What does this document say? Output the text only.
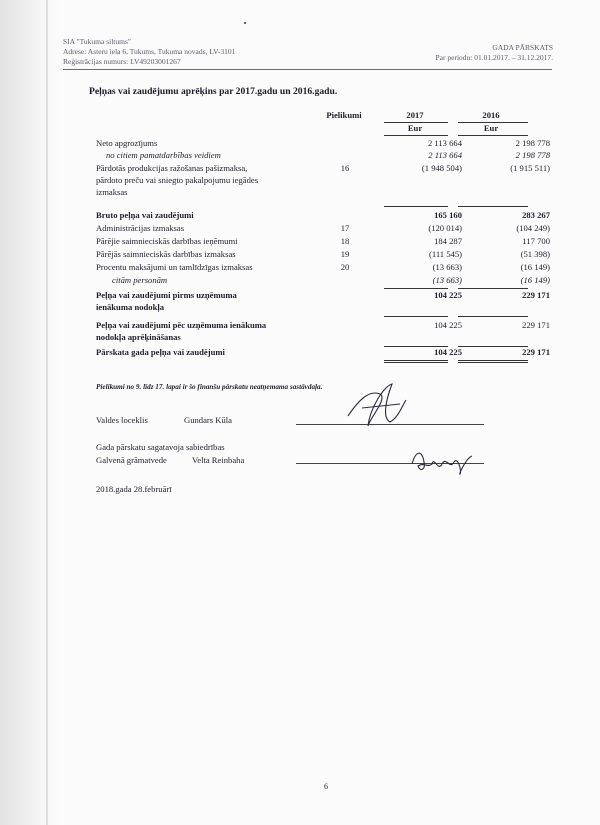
SIA "Tukuma siltums"
Adrese: Asteru iela 6, Tukums, Tukuma novads, LV-3101
Reģistrācijas numurs: LV49203001267
GADA PĀRSKATS
Par periodu: 01.01.2017. – 31.12.2017.
Peļņas vai zaudējumu aprēķins par 2017.gadu un 2016.gadu.
Pielikumi	2017	2016
Eur	Eur
Neto apgrozījums	2 113 664	2 198 778
no citiem pamatdarbības veidiem	2 113 664	2 198 778
Pārdotās produkcijas ražošanas pašizmaksa,
pārdoto preču vai sniegto pakalpojumu iegādes
izmaksas
16	(1 948 504)	(1 915 511)
Bruto peļņa vai zaudējumi	165 160	283 267
Administrācijas izmaksas	17	(120 014)	(104 249)
Pārējie saimnieciskās darbības ieņēmumi	18	184 287	117 700
Pārējās saimnieciskās darbības izmaksas	19	(111 545)	(51 398)
Procentu maksājumi un tamlīdzīgas izmaksas	20	(13 663)	(16 149)
citām personām	(13 663)	(16 149)
Peļņa vai zaudējumi pirms uzņēmuma
ienākuma nodokļa
104 225	229 171
Peļņa vai zaudējumi pēc uzņēmuma ienākuma
nodokļa aprēķināšanas
104 225	229 171
Pārskata gada peļņa vai zaudējumi	104 225	229 171
Pielikumi no 9. līdz 17. lapai ir šo finanšu pārskatu neatņemama sastāvdaļa.
Valdes loceklis	Gundars Kūla
Gada pārskatu sagatavoja sabiedrības
Galvenā grāmatvede	Velta Reinbaha
2018.gada 28.februārī
6
